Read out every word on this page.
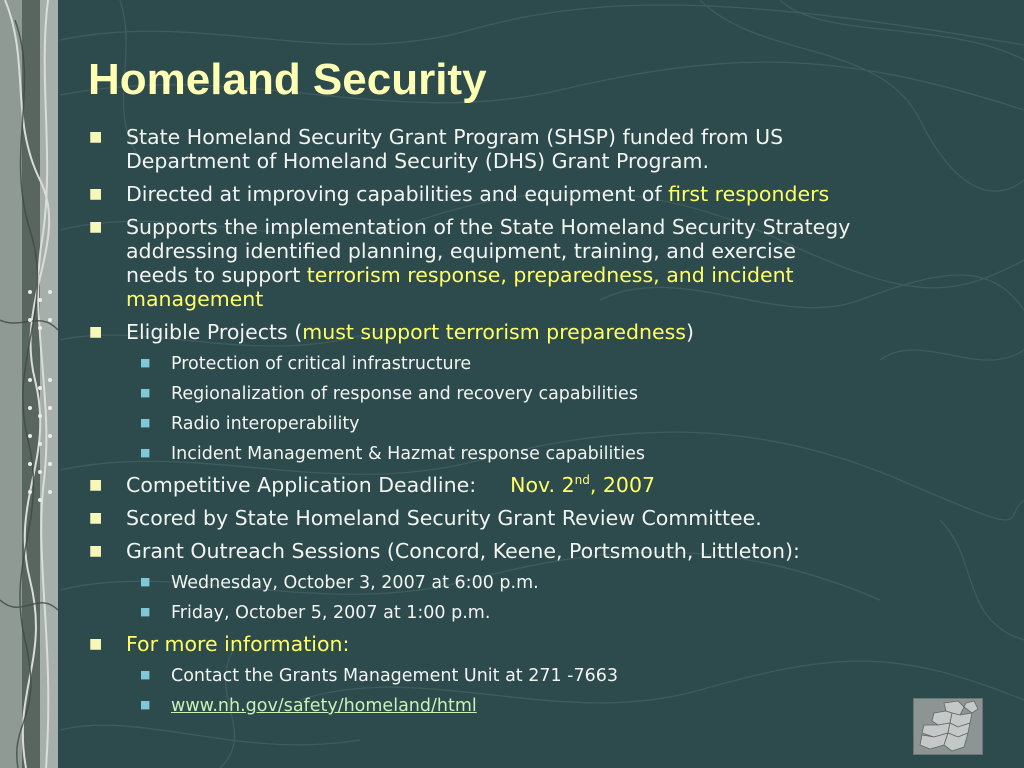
Homeland Security
■ State Homeland Security Grant Program (SHSP) funded from US
Department of Homeland Security (DHS) Grant Program.
■ Directed at improving capabilities and equipment of first responders
■ Supports the implementation of the State Homeland Security Strategy
addressing identified planning, equipment, training, and exercise
needs to support terrorism response, preparedness, and incident
management
■ Eligible Projects (must support terrorism preparedness)
■ Protection of critical infrastructure
■ Regionalization of response and recovery capabilities
■ Radio interoperability
■ Incident Management & Hazmat response capabilities
■ Competitive Application Deadline: Nov. 2nd, 2007
■ Scored by State Homeland Security Grant Review Committee.
■ Grant Outreach Sessions (Concord, Keene, Portsmouth, Littleton):
■ Wednesday, October 3, 2007 at 6:00 p.m.
■ Friday, October 5, 2007 at 1:00 p.m.
■ For more information:
■ Contact the Grants Management Unit at 271 -7663
■ www.nh.gov/safety/homeland/html
